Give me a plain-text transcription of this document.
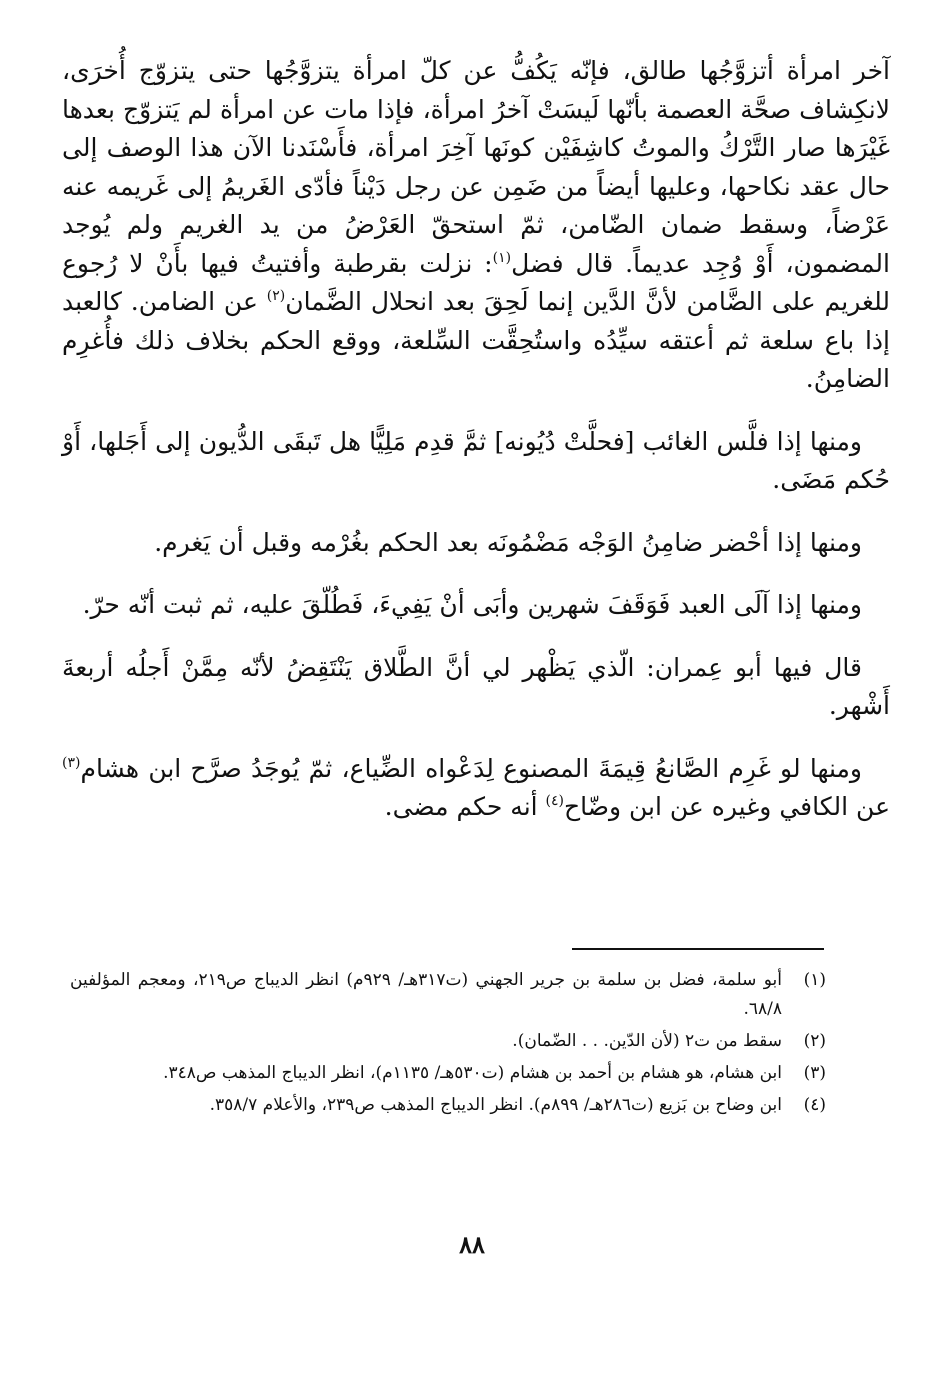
آخر امرأة أتزوَّجُها طالق، فإنّه يَكُفُّ عن كلّ امرأة يتزوَّجُها حتى يتزوّج أُخرَى، لانكِشاف صحَّة العصمة بأنّها لَيسَتْ آخرُ امرأة، فإذا مات عن امرأة لم يَتزوّج بعدها غَيْرَها صار التَّرْكُ والموتُ كاشِفَيْن كونَها آخِرَ امرأة، فأَسْنَدنا الآن هذا الوصف إلى حال عقد نكاحها، وعليها أيضاً من ضَمِن عن رجل دَيْناً فأدّى الغَريمُ إلى غَريمه عنه عَرْضاً، وسقط ضمان الضّامن، ثمّ استحقّ العَرْضُ من يد الغريم ولم يُوجد المضمون، أَوْ وُجِد عديماً. قال فضل$^{(١)}$: نزلت بقرطبة وأفتيتُ فيها بأَنْ لا رُجوع للغريم على الضَّامن لأنَّ الدَّين إنما لَحِقَ بعد انحلال الضَّمان$^{(٢)}$ عن الضامن. كالعبد إذا باع سلعة ثم أعتقه سيِّدُه واستُحِقَّت السِّلعة، ووقع الحكم بخلاف ذلك فأُغرِم الضامِنُ.

ومنها إذا فلَّس الغائب [فحلَّتْ دُيُونه] ثمَّ قدِم مَلِيًّا هل تَبقَى الدُّيون إلى أَجَلها، أَوْ حُكم مَضَى.

ومنها إذا أحْضر ضامِنُ الوَجْه مَضْمُونَه بعد الحكم بغُرْمه وقبل أن يَغرم.

ومنها إذا آلَى العبد فَوَقَفَ شهرين وأبَى أنْ يَفِيءَ، فَطُلّقَ عليه، ثم ثبت أنّه حرّ.

قال فيها أبو عِمران: الّذي يَظْهر لي أنَّ الطَّلاق يَنْتَقِضُ لأنّه مِمَّنْ أَجلُه أربعةَ أَشْهر.

ومنها لو غَرِم الصَّانعُ قِيمَةَ المصنوع لِدَعْواه الضِّياع، ثمّ يُوجَدُ صرَّح ابن هشام$^{(٣)}$ عن الكافي وغيره عن ابن وضّاح$^{(٤)}$ أنه حكم مضى.

(١)
أبو سلمة، فضل بن سلمة بن جرير الجهني (ت٣١٧هـ/ ٩٢٩م) انظر الديباج ص٢١٩، ومعجم المؤلفين ٦٨/٨.
(٢)
سقط من ت٢ (لأن الدّين. . . الضّمان).
(٣)
ابن هشام، هو هشام بن أحمد بن هشام (ت٥٣٠هـ/ ١١٣٥م)، انظر الديباج المذهب ص٣٤٨.
(٤)
ابن وضاح بن بَزيع (ت٢٨٦هـ/ ٨٩٩م). انظر الديباج المذهب ص٢٣٩، والأعلام ٣٥٨/٧.
٨٨
